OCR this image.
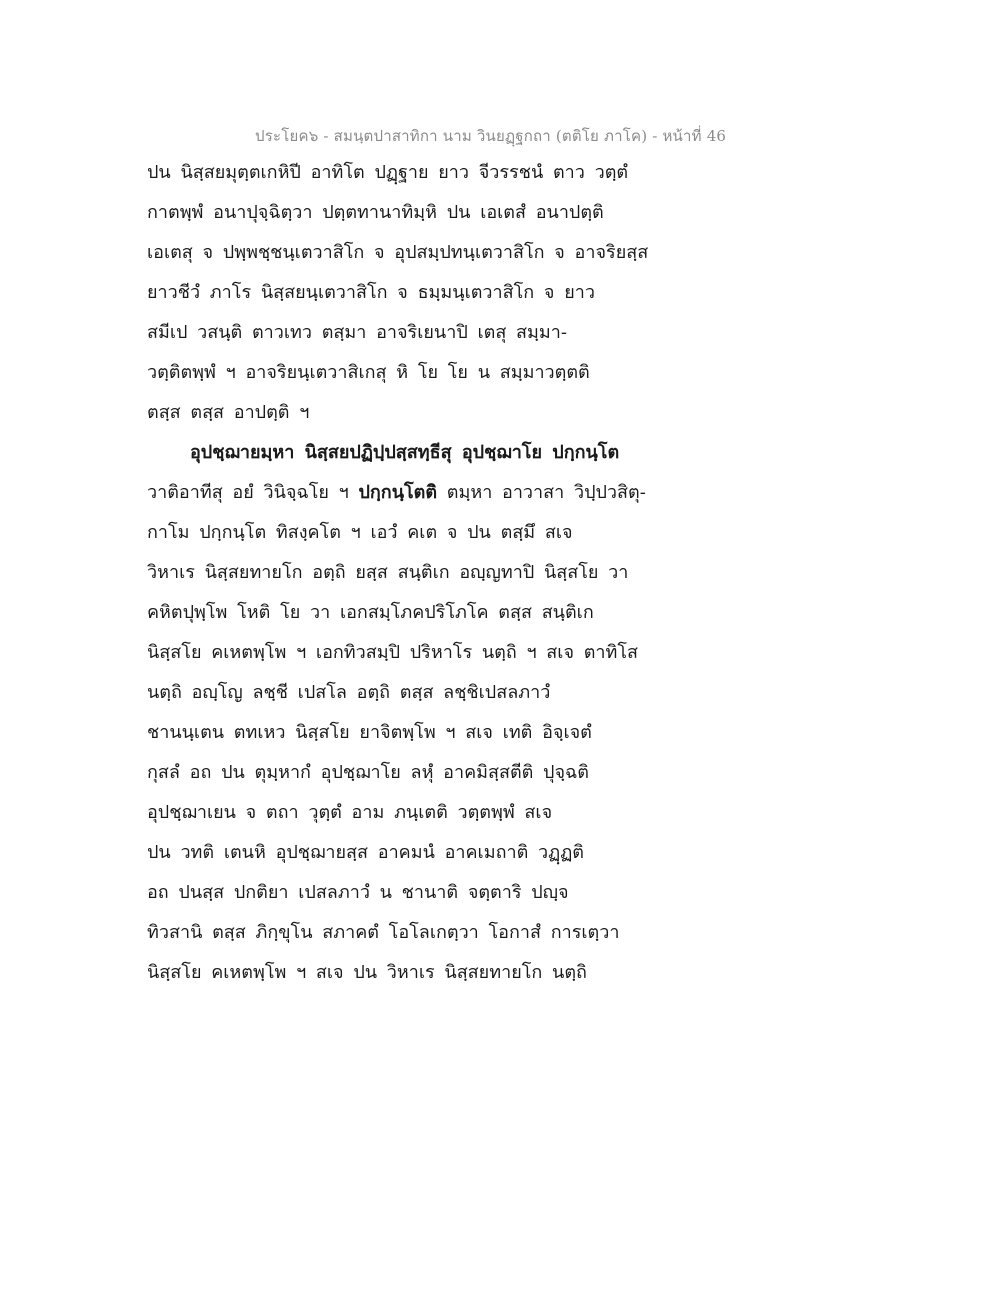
ประโยค๖ - สมนฺตปาสาทิกา นาม วินยฏฺฐกถา (ตติโย ภาโค) - หน้าที่ 46
ปน นิสฺสยมุตฺตเกหิปี อาทิโต ปฏฺฐาย ยาว จีวรรชนํ ตาว วตฺตํ
กาตพฺพํ อนาปุจฺฉิตฺวา ปตฺตทานาทิมฺหิ ปน เอเตสํ อนาปตฺติ
เอเตสุ จ ปพฺพชฺชนฺเตวาสิโก จ อุปสมฺปทนฺเตวาสิโก จ อาจริยสฺส
ยาวชีวํ ภาโร นิสฺสยนฺเตวาสิโก จ ธมฺมนฺเตวาสิโก จ ยาว
สมีเป วสนฺติ ตาวเทว ตสฺมา อาจริเยนาปิ เตสุ สมฺมา-
วตฺติตพฺพํ ฯ อาจริยนฺเตวาสิเกสุ หิ โย โย น สมฺมาวตฺตติ
ตสฺส ตสฺส อาปตฺติ ฯ
อุปชฺฌายมฺหา นิสฺสยปฏิปฺปสฺสทฺธีสุ อุปชฺฌาโย ปกฺกนฺโต
วาติอาทีสุ อยํ วินิจฺฉโย ฯ ปกฺกนฺโตติ ตมฺหา อาวาสา วิปฺปวสิตุ-
กาโม ปกฺกนฺโต ทิสงฺคโต ฯ เอวํ คเต จ ปน ตสฺมึ สเจ
วิหาเร นิสฺสยทายโก อตฺถิ ยสฺส สนฺติเก อญฺญทาปิ นิสฺสโย วา
คหิตปุพฺโพ โหติ โย วา เอกสมฺโภคปริโภโค ตสฺส สนฺติเก
นิสฺสโย คเหตพฺโพ ฯ เอกทิวสมฺปิ ปริหาโร นตฺถิ ฯ สเจ ตาทิโส
นตฺถิ อญฺโญ ลชฺชี เปสโล อตฺถิ ตสฺส ลชฺชิเปสลภาวํ
ชานนฺเตน ตทเหว นิสฺสโย ยาจิตพฺโพ ฯ สเจ เทติ อิจฺเจตํ
กุสลํ อถ ปน ตุมฺหากํ อุปชฺฌาโย ลหุํ อาคมิสฺสตีติ ปุจฺฉติ
อุปชฺฌาเยน จ ตถา วุตฺตํ อาม ภนฺเตติ วตฺตพฺพํ สเจ
ปน วทติ เตนหิ อุปชฺฌายสฺส อาคมนํ อาคเมถาติ วฏฺฏติ
อถ ปนสฺส ปกติยา เปสลภาวํ น ชานาติ จตฺตาริ ปญฺจ
ทิวสานิ ตสฺส ภิกฺขุโน สภาคตํ โอโลเกตฺวา โอกาสํ การเตฺวา
นิสฺสโย คเหตพฺโพ ฯ สเจ ปน วิหาเร นิสฺสยทายโก นตฺถิ
